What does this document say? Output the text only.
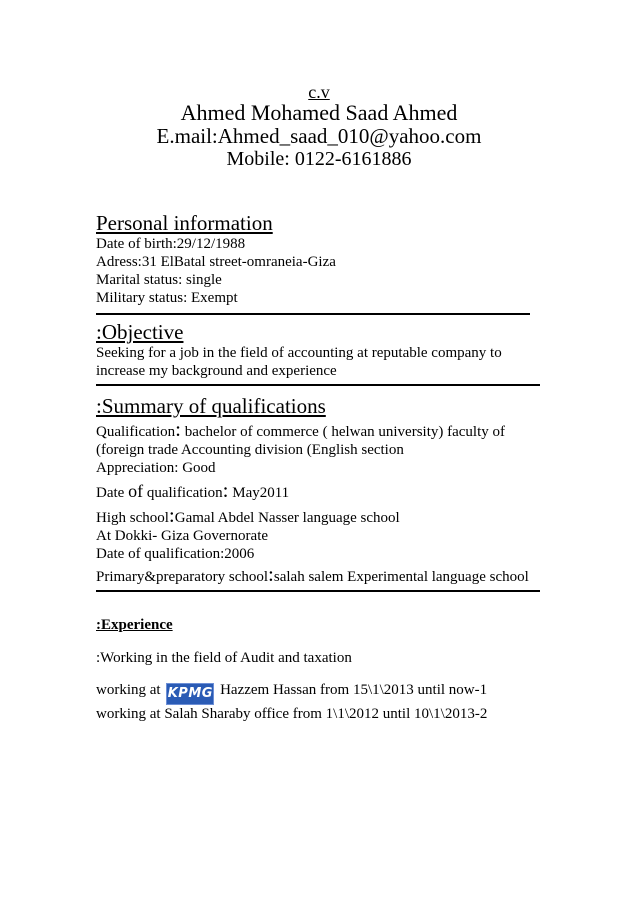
c.v
Ahmed Mohamed Saad Ahmed
E.mail:Ahmed_saad_010@yahoo.com
Mobile: 0122-6161886
Personal information
Date of birth:29/12/1988
Adress:31 ElBatal street-omraneia-Giza
Marital status: single
Military status: Exempt
:Objective
Seeking for a job in the field of accounting at reputable company to
increase my background and experience
:Summary of qualifications
Qualification: bachelor of commerce ( helwan university) faculty of
(foreign trade Accounting division (English section
Appreciation: Good
Date of qualification: May2011
High school:Gamal Abdel Nasser language school
At Dokki- Giza Governorate
Date of qualification:2006
Primary&preparatory school:salah salem Experimental language school
:Experience
:Working in the field of Audit and taxation
working at KPMG Hazzem Hassan from 15\1\2013 until now-1
working at Salah Sharaby office from 1\1\2012 until 10\1\2013-2
